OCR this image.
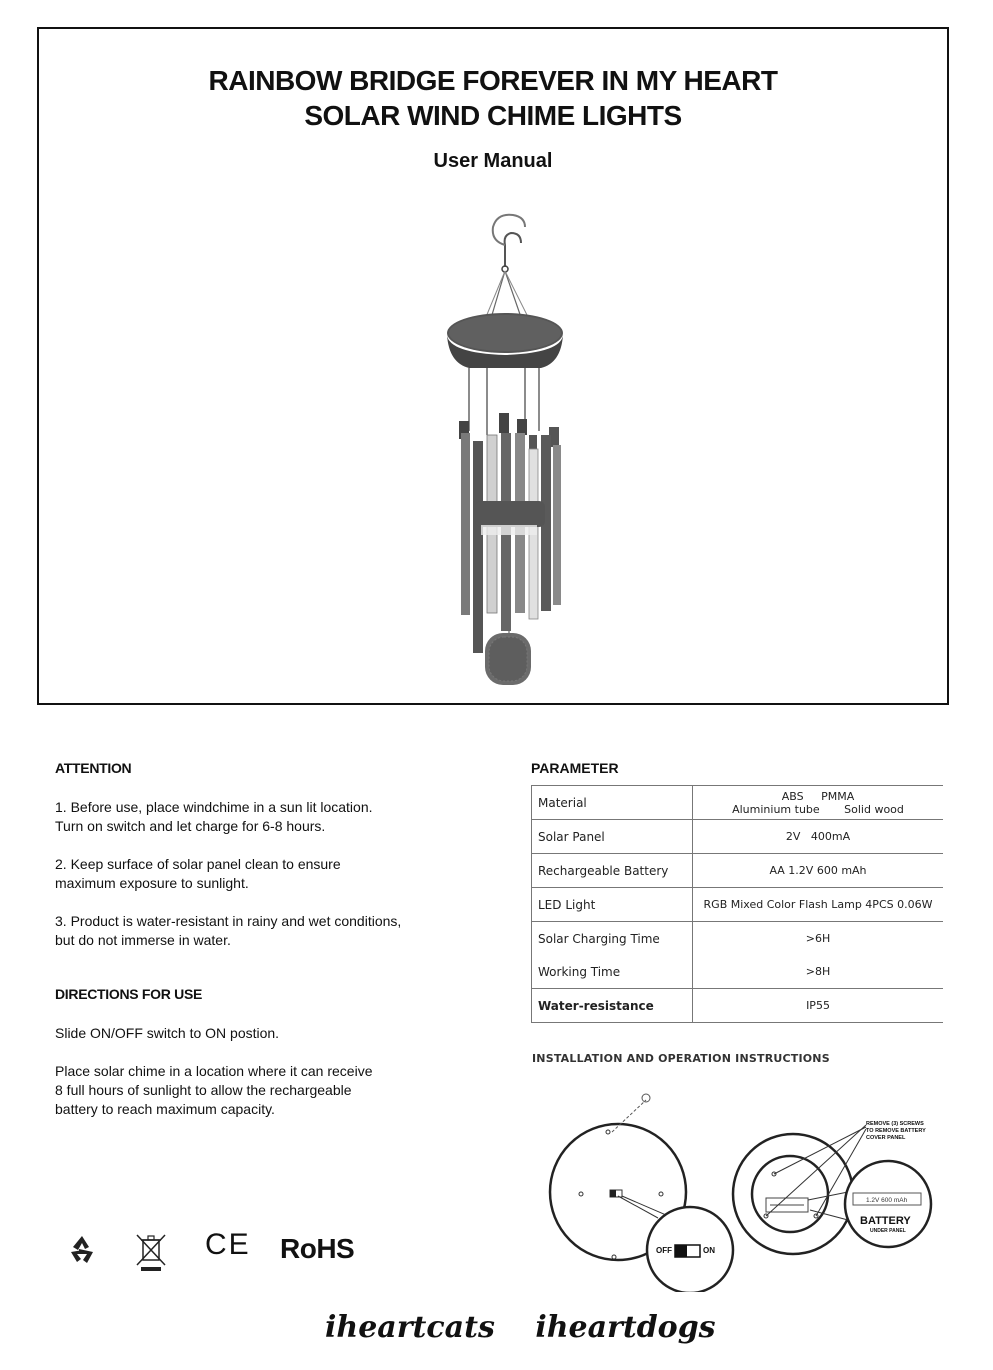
RAINBOW BRIDGE FOREVER IN MY HEART
SOLAR WIND CHIME LIGHTS
User Manual

ATTENTION

1. Before use, place windchime in a sun lit location.
Turn on switch and let charge for 6-8 hours.

2. Keep surface of solar panel clean to ensure
maximum exposure to sunlight.

3. Product is water-resistant in rainy and wet conditions,
but do not immerse in water.

DIRECTIONS FOR USE

Slide ON/OFF switch to ON postion.

Place solar chime in a location where it can receive
8 full hours of sunlight to allow the rechargeable
battery to reach maximum capacity.

PARAMETER

Material	ABS     PMMA
Aluminium tube       Solid wood

Solar Panel	2V   400mA
Rechargeable Battery	AA 1.2V 600 mAh
LED Light	RGB Mixed Color Flash Lamp 4PCS 0.06W
Solar Charging Time	>6H
Working Time	>8H
Water-resistance	IP55
INSTALLATION AND OPERATION INSTRUCTIONS
OFF	ON
REMOVE (3) SCREWS
TO REMOVE BATTERY
COVER PANEL
1.2V 600 mAh
BATTERY
UNDER PANEL
CE RoHS
iheartcats iheartdogs
